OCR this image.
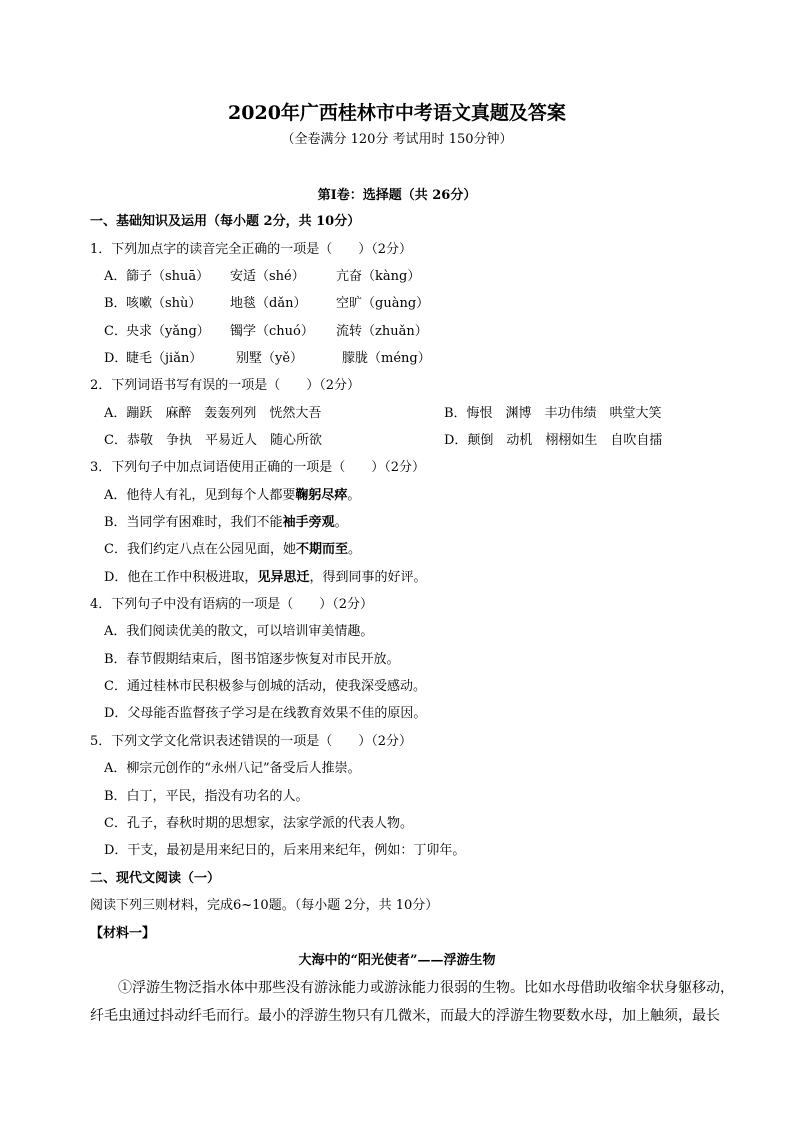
2020年广西桂林市中考语文真题及答案
（全卷满分 120分 考试用时 150分钟）
第Ⅰ卷：选择题（共 26分）
一、基础知识及运用（每小题 2分，共 10分）
1．下列加点字的读音完全正确的一项是（　　）（2分）
A． 篩子（shuā） 安适（shé） 亢奋（kàng）
B． 咳嗽（shù） 地毯（dǎn） 空旷（guàng）
C． 央求（yǎng） 镯学（chuó） 流转（zhuǎn）
D．
睫毛（jiǎn）	别墅（yě）	朦胧（méng）
2．下列词语书写有误的一项是（　　）（2分）
A．蹦跃　麻醉　轰轰列列　恍然大吾	B．悔恨　渊博　丰功伟绩　哄堂大笑
C．恭敬　争执　平易近人　随心所欲	D．颠倒　动机　栩栩如生　自吹自擂
3．下列句子中加点词语使用正确的一项是（　　）（2分）
A．他待人有礼，见到每个人都要鞠躬尽瘁。
B．当同学有困难时，我们不能袖手旁观。
C．我们约定八点在公园见面，她不期而至。
D．他在工作中积极进取，见异思迁，得到同事的好评。
4．下列句子中没有语病的一项是（　　）（2分）
A．我们阅读优美的散文，可以培训审美情趣。
B．春节假期结束后，图书馆逐步恢复对市民开放。
C．通过桂林市民积极参与创城的活动，使我深受感动。
D．父母能否监督孩子学习是在线教育效果不佳的原因。
5．下列文学文化常识表述错误的一项是（　　）（2分）
A．柳宗元创作的“永州八记”备受后人推崇。
B．白丁，平民，指没有功名的人。
C．孔子，春秋时期的思想家，法家学派的代表人物。
D．干支，最初是用来纪日的，后来用来纪年，例如：丁卯年。
二、现代文阅读（一）
阅读下列三则材料，完成6~10题。（每小题 2分，共 10分）
【材料一】
大海中的“阳光使者”——浮游生物
①浮游生物泛指水体中那些没有游泳能力或游泳能力很弱的生物。比如水母借助收缩伞状身躯移动，
纤毛虫通过抖动纤毛而行。最小的浮游生物只有几微米，而最大的浮游生物要数水母，加上触须，最长
